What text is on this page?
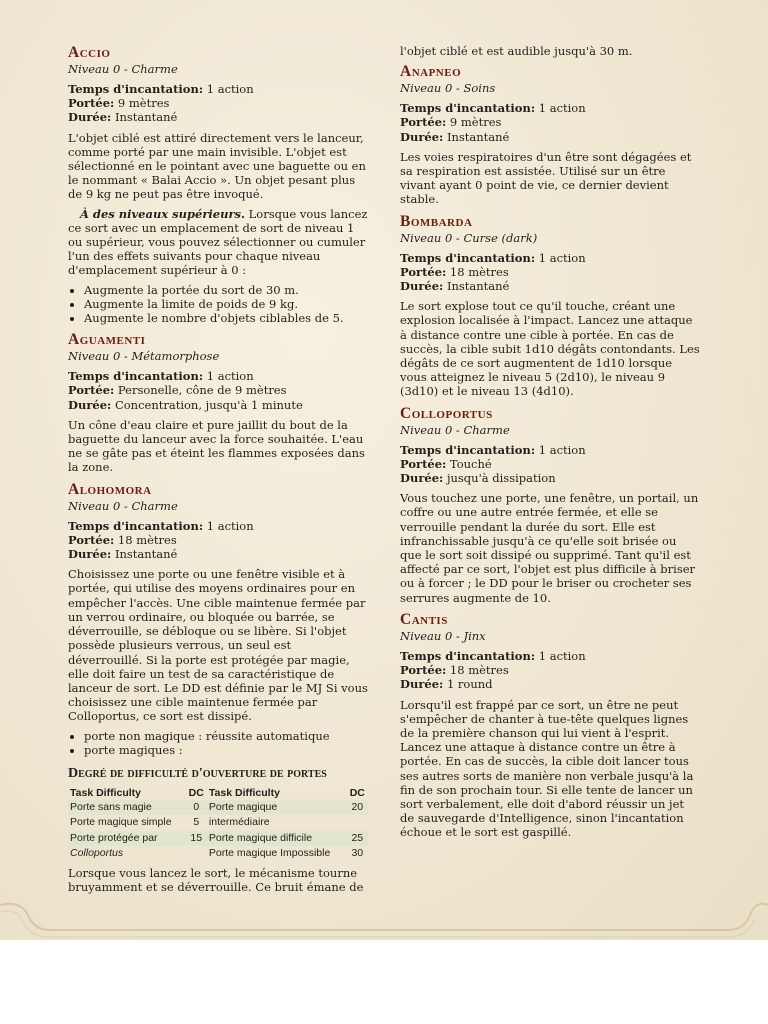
Accio
Niveau 0 - Charme

Temps d'incantation: 1 action

Portée: 9 mètres

Durée: Instantané

L'objet ciblé est attiré directement vers le lanceur, comme porté par une main invisible. L'objet est sélectionné en le pointant avec une baguette ou en le nommant « Balai Accio ». Un objet pesant plus de 9 kg ne peut pas être invoqué.

À des niveaux supérieurs. Lorsque vous lancez ce sort avec un emplacement de sort de niveau 1 ou supérieur, vous pouvez sélectionner ou cumuler l'un des effets suivants pour chaque niveau d'emplacement supérieur à 0 :

• Augmente la portée du sort de 30 m.
• Augmente la limite de poids de 9 kg.
• Augmente le nombre d'objets ciblables de 5.
Aguamenti
Niveau 0 - Métamorphose

Temps d'incantation: 1 action

Portée: Personelle, cône de 9 mètres

Durée: Concentration, jusqu'à 1 minute

Un cône d'eau claire et pure jaillit du bout de la baguette du lanceur avec la force souhaitée. L'eau ne se gâte pas et éteint les flammes exposées dans la zone.

Alohomora
Niveau 0 - Charme

Temps d'incantation: 1 action

Portée: 18 mètres

Durée: Instantané

Choisissez une porte ou une fenêtre visible et à portée, qui utilise des moyens ordinaires pour en empêcher l'accès. Une cible maintenue fermée par un verrou ordinaire, ou bloquée ou barrée, se déverrouille, se débloque ou se libère. Si l'objet possède plusieurs verrous, un seul est déverrouillé. Si la porte est protégée par magie, elle doit faire un test de sa caractéristique de lanceur de sort. Le DD est définie par le MJ Si vous choisissez une cible maintenue fermée par Colloportus, ce sort est dissipé.

• porte non magique : réussite automatique
• porte magiques :
Degré de difficulté d'ouverture de portes
Task Difficulty	DC	Task Difficulty	DC
Porte sans magie	0	Porte magique	20
Porte magique simple	5	intermédiaire	
Porte protégée par	15	Porte magique difficile	25
Colloportus		Porte magique Impossible	30

Lorsque vous lancez le sort, le mécanisme tourne bruyamment et se déverrouille. Ce bruit émane de

l'objet ciblé et est audible jusqu'à 30 m.

Anapneo
Niveau 0 - Soins

Temps d'incantation: 1 action

Portée: 9 mètres

Durée: Instantané

Les voies respiratoires d'un être sont dégagées et sa respiration est assistée. Utilisé sur un être vivant ayant 0 point de vie, ce dernier devient stable.

Bombarda
Niveau 0 - Curse (dark)

Temps d'incantation: 1 action

Portée: 18 mètres

Durée: Instantané

Le sort explose tout ce qu'il touche, créant une explosion localisée à l'impact. Lancez une attaque à distance contre une cible à portée. En cas de succès, la cible subit 1d10 dégâts contondants. Les dégâts de ce sort augmentent de 1d10 lorsque vous atteignez le niveau 5 (2d10), le niveau 9 (3d10) et le niveau 13 (4d10).

Colloportus
Niveau 0 - Charme

Temps d'incantation: 1 action

Portée: Touché

Durée: jusqu'à dissipation

Vous touchez une porte, une fenêtre, un portail, un coffre ou une autre entrée fermée, et elle se verrouille pendant la durée du sort. Elle est infranchissable jusqu'à ce qu'elle soit brisée ou que le sort soit dissipé ou supprimé. Tant qu'il est affecté par ce sort, l'objet est plus difficile à briser ou à forcer ; le DD pour le briser ou crocheter ses serrures augmente de 10.

Cantis
Niveau 0 - Jinx

Temps d'incantation: 1 action

Portée: 18 mètres

Durée: 1 round

Lorsqu'il est frappé par ce sort, un être ne peut s'empêcher de chanter à tue-tête quelques lignes de la première chanson qui lui vient à l'esprit. Lancez une attaque à distance contre un être à portée. En cas de succès, la cible doit lancer tous ses autres sorts de manière non verbale jusqu'à la fin de son prochain tour. Si elle tente de lancer un sort verbalement, elle doit d'abord réussir un jet de sauvegarde d'Intelligence, sinon l'incantation échoue et le sort est gaspillé.
